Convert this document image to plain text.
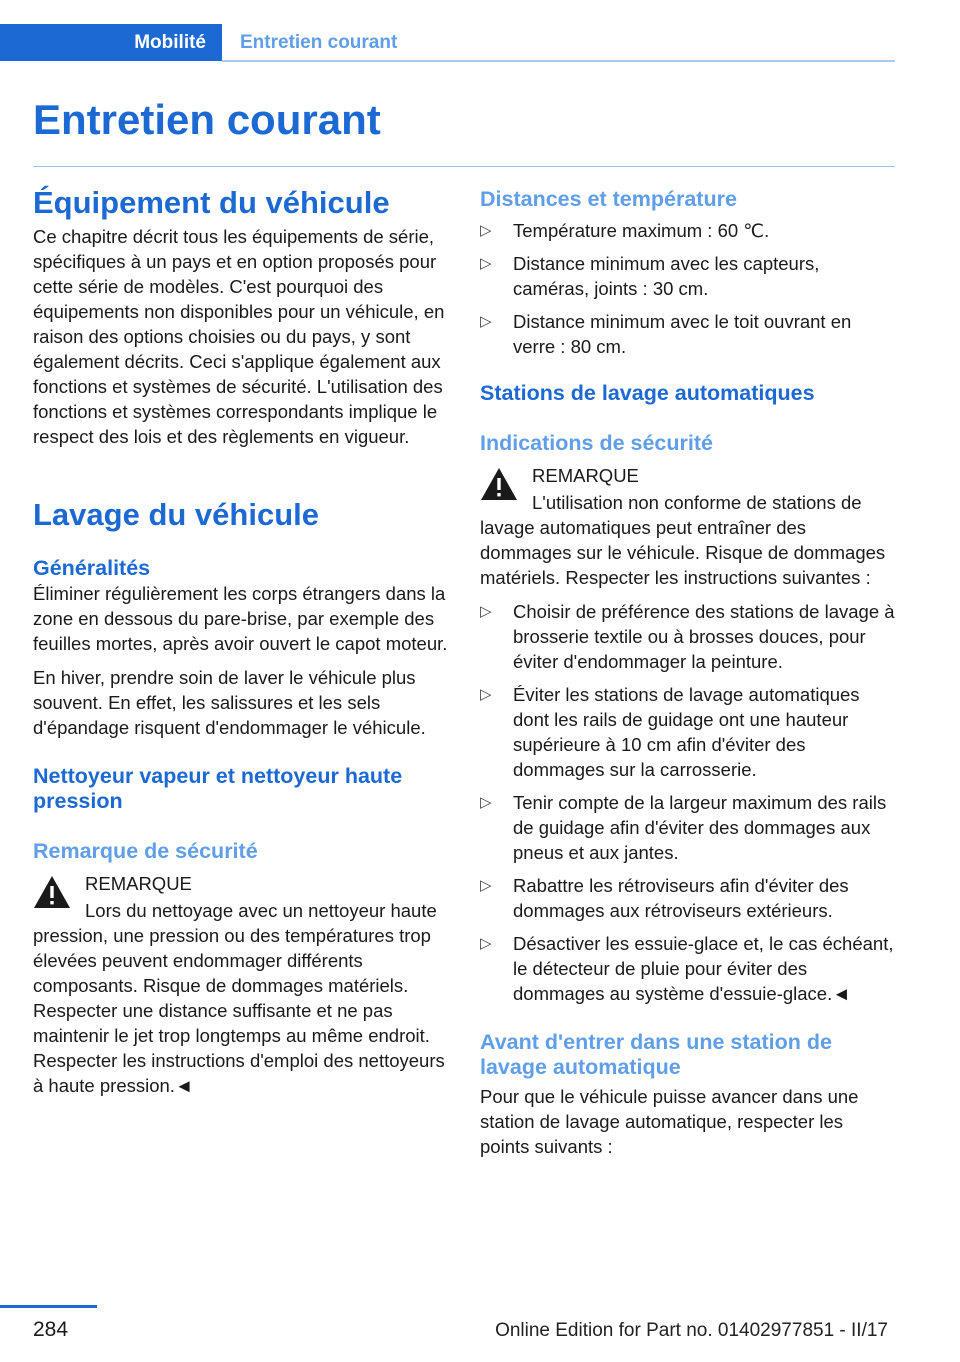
Mobilité	Entretien courant
Entretien courant
Équipement du véhicule

Ce chapitre décrit tous les équipements de série, spécifiques à un pays et en option proposés pour cette série de modèles. C'est pourquoi des équipements non disponibles pour un véhicule, en raison des options choisies ou du pays, y sont également décrits. Ceci s'applique également aux fonctions et systèmes de sécurité. L'utilisation des fonctions et systèmes correspondants implique le respect des lois et des règlements en vigueur.

Lavage du véhicule
Généralités

Éliminer régulièrement les corps étrangers dans la zone en dessous du pare-brise, par exemple des feuilles mortes, après avoir ouvert le capot moteur.

En hiver, prendre soin de laver le véhicule plus souvent. En effet, les salissures et les sels d'épandage risquent d'endommager le véhicule.

Nettoyeur vapeur et nettoyeur haute pression
Remarque de sécurité
REMARQUE

Lors du nettoyage avec un nettoyeur haute pression, une pression ou des températures trop élevées peuvent endommager différents composants. Risque de dommages matériels. Respecter une distance suffisante et ne pas maintenir le jet trop longtemps au même endroit. Respecter les instructions d'emploi des nettoyeurs à haute pression.◄

Distances et température
▷ Température maximum : 60 ℃.
▷ Distance minimum avec les capteurs, caméras, joints : 30 cm.
▷ Distance minimum avec le toit ouvrant en verre : 80 cm.
Stations de lavage automatiques
Indications de sécurité
REMARQUE

L'utilisation non conforme de stations de lavage automatiques peut entraîner des dommages sur le véhicule. Risque de dommages matériels. Respecter les instructions suivantes :

▷ Choisir de préférence des stations de lavage à brosserie textile ou à brosses douces, pour éviter d'endommager la peinture.
▷ Éviter les stations de lavage automatiques dont les rails de guidage ont une hauteur supérieure à 10 cm afin d'éviter des dommages sur la carrosserie.
▷ Tenir compte de la largeur maximum des rails de guidage afin d'éviter des dommages aux pneus et aux jantes.
▷ Rabattre les rétroviseurs afin d'éviter des dommages aux rétroviseurs extérieurs.
▷ Désactiver les essuie-glace et, le cas échéant, le détecteur de pluie pour éviter des dommages au système d'essuie-glace.◄
Avant d'entrer dans une station de lavage automatique

Pour que le véhicule puisse avancer dans une station de lavage automatique, respecter les points suivants :

284	Online Edition for Part no. 01402977851 - II/17
